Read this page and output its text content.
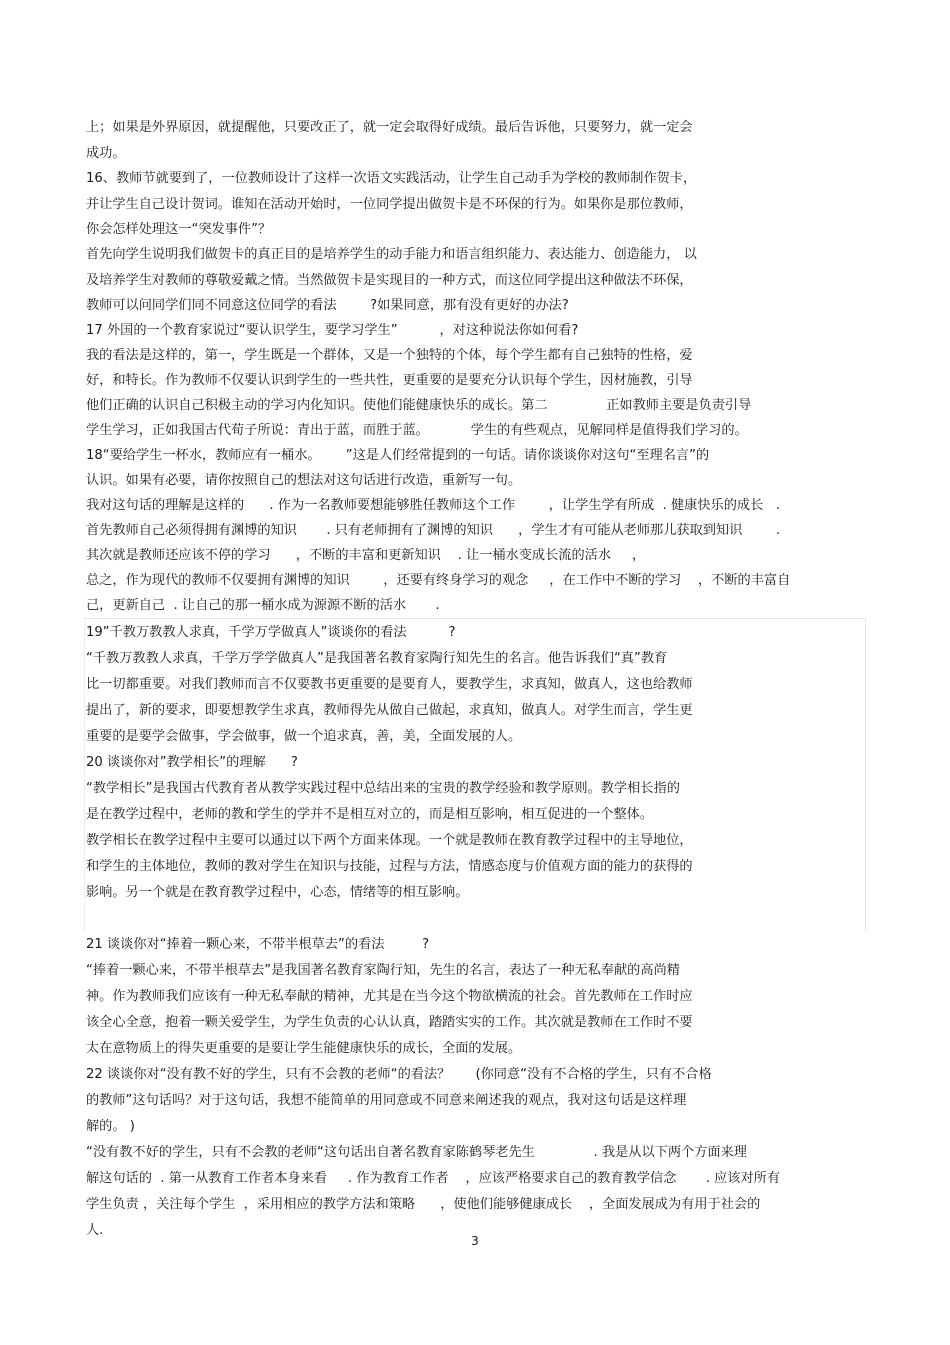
上；如果是外界原因，就提醒他，只要改正了，就一定会取得好成绩。最后告诉他，只要努力，就一定会
成功。
16、教师节就要到了，一位教师设计了这样一次语文实践活动，让学生自己动手为学校的教师制作贺卡，
并让学生自己设计贺词。谁知在活动开始时，一位同学提出做贺卡是不环保的行为。如果你是那位教师，
你会怎样处理这一“突发事件”？
首先向学生说明我们做贺卡的真正目的是培养学生的动手能力和语言组织能力、表达能力、创造能力， 以
及培养学生对教师的尊敬爱戴之情。当然做贺卡是实现目的一种方式，而这位同学提出这种做法不环保，
教师可以问同学们同不同意这位同学的看法        ?如果同意，那有没有更好的办法?
17 外国的一个教育家说过“要认识学生，要学习学生”          ，对这种说法你如何看?
我的看法是这样的，第一，学生既是一个群体，又是一个独特的个体，每个学生都有自己独特的性格，爱
好，和特长。作为教师不仅要认识到学生的一些共性，更重要的是要充分认识每个学生，因材施教，引导
他们正确的认识自己积极主动的学习内化知识。使他们能健康快乐的成长。第二              正如教师主要是负责引导
学生学习，正如我国古代荀子所说：青出于蓝，而胜于蓝。          学生的有些观点，见解同样是值得我们学习的。
18“要给学生一杯水，教师应有一桶水。      ”这是人们经常提到的一句话。请你谈谈你对这句“至理名言”的
认识。如果有必要，请你按照自己的想法对这句话进行改造，重新写一句。
我对这句话的理解是这样的      . 作为一名教师要想能够胜任教师这个工作        ，让学生学有所成  . 健康快乐的成长   .
首先教师自己必须得拥有渊博的知识       . 只有老师拥有了渊博的知识      ，学生才有可能从老师那儿获取到知识        .
其次就是教师还应该不停的学习      ，不断的丰富和更新知识    . 让一桶水变成长流的活水     ，
总之，作为现代的教师不仅要拥有渊博的知识        ，还要有终身学习的观念     ，在工作中不断的学习    ，不断的丰富自
己，更新自己  . 让自己的那一桶水成为源源不断的活水       .
19”千教万教教人求真，千学万学做真人”谈谈你的看法          ?
“千教万教教人求真，千学万学学做真人”是我国著名教育家陶行知先生的名言。他告诉我们“真”教育
比一切都重要。对我们教师而言不仅要教书更重要的是要育人，要教学生，求真知，做真人，这也给教师
提出了，新的要求，即要想教学生求真，教师得先从做自己做起，求真知，做真人。对学生而言，学生更
重要的是要学会做事，学会做事，做一个追求真，善，美，全面发展的人。
20 谈谈你对”教学相长”的理解      ?
“教学相长”是我国古代教育者从教学实践过程中总结出来的宝贵的教学经验和教学原则。教学相长指的
是在教学过程中，老师的教和学生的学并不是相互对立的，而是相互影响，相互促进的一个整体。
教学相长在教学过程中主要可以通过以下两个方面来体现。一个就是教师在教育教学过程中的主导地位，
和学生的主体地位，教师的教对学生在知识与技能，过程与方法，情感态度与价值观方面的能力的获得的
影响。另一个就是在教育教学过程中，心态，情绪等的相互影响。
21 谈谈你对“捧着一颗心来，不带半根草去”的看法         ?
“捧着一颗心来，不带半根草去”是我国著名教育家陶行知，先生的名言，表达了一种无私奉献的高尚精
神。作为教师我们应该有一种无私奉献的精神，尤其是在当今这个物欲横流的社会。首先教师在工作时应
该全心全意，抱着一颗关爱学生，为学生负责的心认认真，踏踏实实的工作。其次就是教师在工作时不要
太在意物质上的得失更重要的是要让学生能健康快乐的成长，全面的发展。
22 谈谈你对“没有教不好的学生，只有不会教的老师“的看法？      (你同意“没有不合格的学生，只有不合格
的教师”这句话吗？对于这句话，我想不能简单的用同意或不同意来阐述我的观点，我对这句话是这样理
解的。 )
“没有教不好的学生，只有不会教的老师“这句话出自著名教育家陈鹤琴老先生              . 我是从以下两个方面来理
解这句话的  . 第一从教育工作者本身来看     . 作为教育工作者    ，应该严格要求自己的教育教学信念       . 应该对所有
学生负责 ，关注每个学生  ，采用相应的教学方法和策略      ，使他们能够健康成长    ，全面发展成为有用于社会的
人.
3
